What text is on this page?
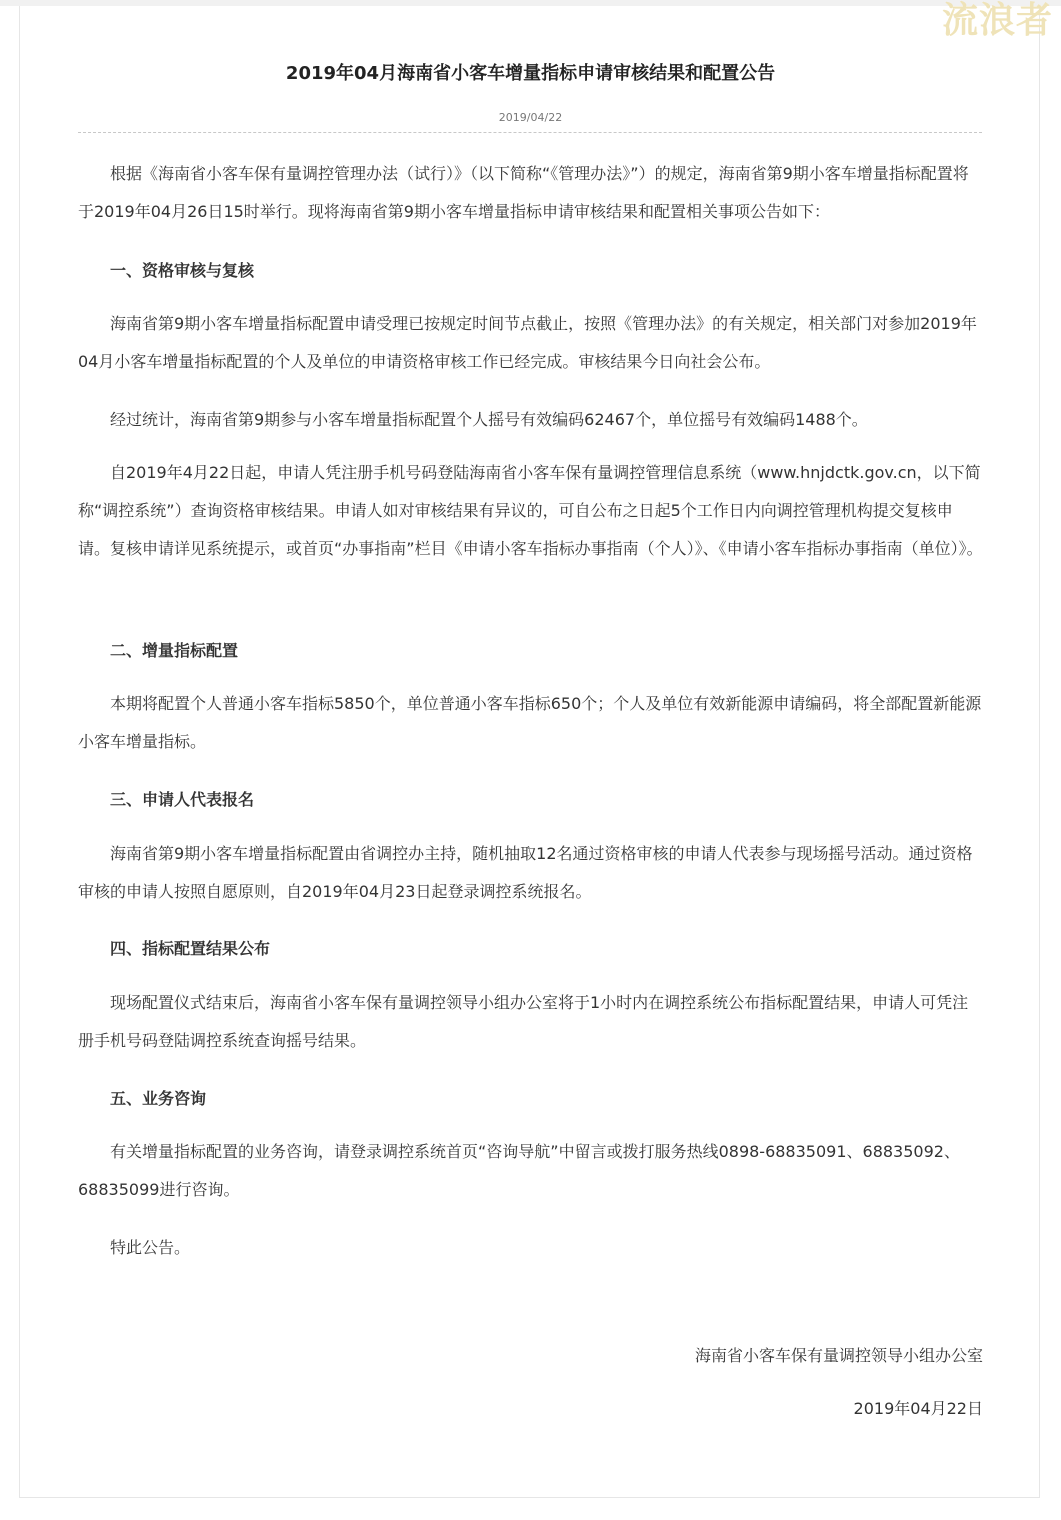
流浪者
2019年04月海南省小客车增量指标申请审核结果和配置公告
2019/04/22
根据《海南省小客车保有量调控管理办法（试行）》（以下简称“《管理办法》”）的规定，海南省第9期小客车增量指标配置将于2019年04月26日15时举行。现将海南省第9期小客车增量指标申请审核结果和配置相关事项公告如下：
一、资格审核与复核
海南省第9期小客车增量指标配置申请受理已按规定时间节点截止，按照《管理办法》的有关规定，相关部门对参加2019年04月小客车增量指标配置的个人及单位的申请资格审核工作已经完成。审核结果今日向社会公布。
经过统计，海南省第9期参与小客车增量指标配置个人摇号有效编码62467个，单位摇号有效编码1488个。
自2019年4月22日起，申请人凭注册手机号码登陆海南省小客车保有量调控管理信息系统（www.hnjdctk.gov.cn，以下简称“调控系统”）查询资格审核结果。申请人如对审核结果有异议的，可自公布之日起5个工作日内向调控管理机构提交复核申请。复核申请详见系统提示，或首页“办事指南”栏目《申请小客车指标办事指南（个人）》、《申请小客车指标办事指南（单位）》。
二、增量指标配置
本期将配置个人普通小客车指标5850个，单位普通小客车指标650个；个人及单位有效新能源申请编码，将全部配置新能源小客车增量指标。
三、申请人代表报名
海南省第9期小客车增量指标配置由省调控办主持，随机抽取12名通过资格审核的申请人代表参与现场摇号活动。通过资格审核的申请人按照自愿原则，自2019年04月23日起登录调控系统报名。
四、指标配置结果公布
现场配置仪式结束后，海南省小客车保有量调控领导小组办公室将于1小时内在调控系统公布指标配置结果，申请人可凭注册手机号码登陆调控系统查询摇号结果。
五、业务咨询
有关增量指标配置的业务咨询，请登录调控系统首页“咨询导航”中留言或拨打服务热线0898-68835091、68835092、68835099进行咨询。
特此公告。
海南省小客车保有量调控领导小组办公室
2019年04月22日
